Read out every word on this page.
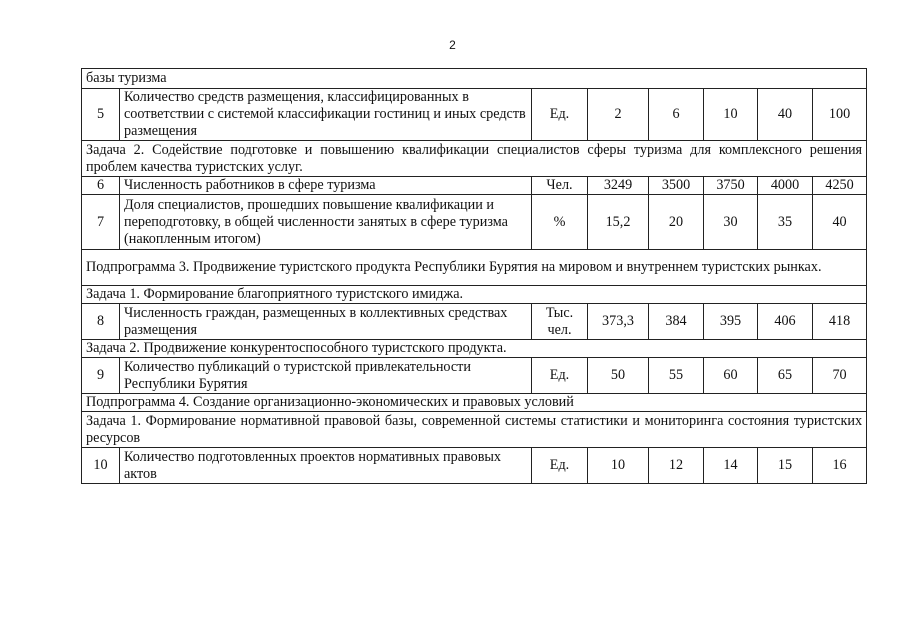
2
базы туризма							
5	Количество средств размещения, классифицированных в соответствии с системой классификации гостиниц и иных средств размещения	Ед.	2	6	10	40	100
Задача 2. Содействие подготовке и повышению квалификации специалистов сферы туризма для комплексного решения проблем качества туристских услуг.							
6	Численность работников в сфере туризма	Чел.	3249	3500	3750	4000	4250
7	Доля специалистов, прошедших повышение квалификации и переподготовку, в общей численности занятых в сфере туризма (накопленным итогом)	%	15,2	20	30	35	40
Подпрограмма 3. Продвижение туристского продукта Республики Бурятия на мировом и внутреннем туристских рынках.							
Задача 1. Формирование благоприятного туристского имиджа.							
8	Численность граждан, размещенных в коллективных средствах размещения	Тыс. чел.	373,3	384	395	406	418
Задача 2. Продвижение конкурентоспособного туристского продукта.							
9	Количество публикаций о туристской привлекательности Республики Бурятия	Ед.	50	55	60	65	70
Подпрограмма 4. Создание организационно-экономических и правовых условий							
Задача 1. Формирование нормативной правовой базы, современной системы статистики и мониторинга состояния туристских ресурсов							
10	Количество подготовленных проектов нормативных правовых актов	Ед.	10	12	14	15	16
